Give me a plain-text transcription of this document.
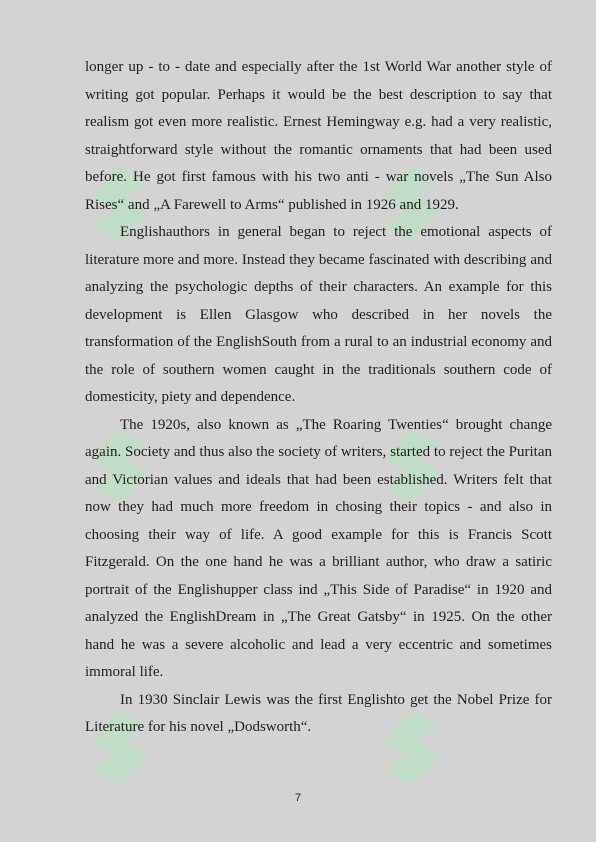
longer up - to - date and especially after the 1st World War another style of writing got popular. Perhaps it would be the best description to say that realism got even more realistic. Ernest Hemingway e.g. had a very realistic, straightforward style without the romantic ornaments that had been used before. He got first famous with his two anti - war novels „The Sun Also Rises“ and „A Farewell to Arms“ published in 1926 and 1929.

Englishauthors in general began to reject the emotional aspects of literature more and more. Instead they became fascinated with describing and analyzing the psychologic depths of their characters. An example for this development is Ellen Glasgow who described in her novels the transformation of the EnglishSouth from a rural to an industrial economy and the role of southern women caught in the traditionals southern code of domesticity, piety and dependence.

The 1920s, also known as „The Roaring Twenties“ brought change again. Society and thus also the society of writers, started to reject the Puritan and Victorian values and ideals that had been established. Writers felt that now they had much more freedom in chosing their topics - and also in choosing their way of life. A good example for this is Francis Scott Fitzgerald. On the one hand he was a brilliant author, who draw a satiric portrait of the Englishupper class ind „This Side of Paradise“ in 1920 and analyzed the EnglishDream in „The Great Gatsby“ in 1925. On the other hand he was a severe alcoholic and lead a very eccentric and sometimes immoral life.

In 1930 Sinclair Lewis was the first Englishto get the Nobel Prize for Literature for his novel „Dodsworth“.

7
